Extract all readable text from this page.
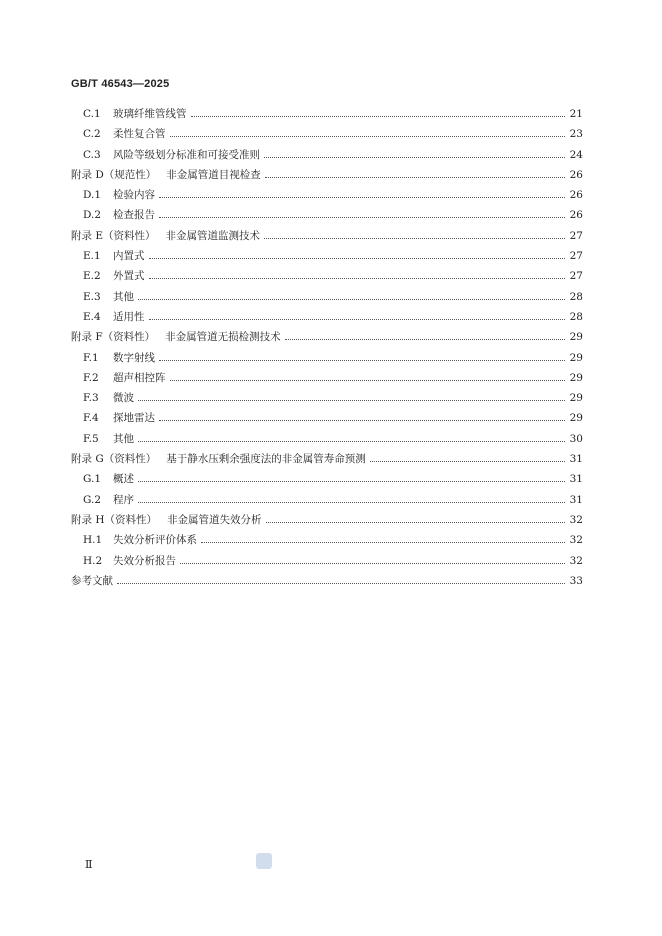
GB/T 46543—2025
C.1	玻璃纤维管线管	21
C.2	柔性复合管	23
C.3	风险等级划分标准和可接受准则	24
附录 D（规范性） 非金属管道目视检查	26
D.1	检验内容	26
D.2	检查报告	26
附录 E（资料性） 非金属管道监测技术	27
E.1	内置式	27
E.2	外置式	27
E.3	其他	28
E.4	适用性	28
附录 F（资料性） 非金属管道无损检测技术	29
F.1	数字射线	29
F.2	超声相控阵	29
F.3	微波	29
F.4	探地雷达	29
F.5	其他	30
附录 G（资料性） 基于静水压剩余强度法的非金属管寿命预测	31
G.1	概述	31
G.2	程序	31
附录 H（资料性） 非金属管道失效分析	32
H.1	失效分析评价体系	32
H.2	失效分析报告	32
参考文献	33
Ⅱ
